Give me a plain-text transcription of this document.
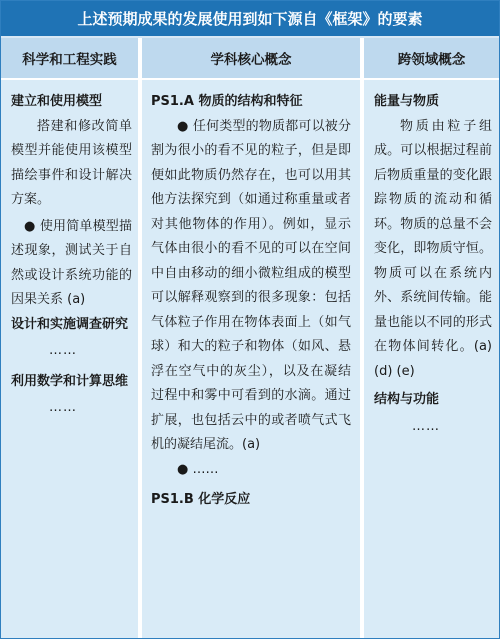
上述预期成果的发展使用到如下源自《框架》的要素
科学和工程实践

建立和使用模型

搭建和修改简单模型并能使用该模型描绘事件和设计解决方案。

● 使用简单模型描述现象，测试关于自然或设计系统功能的因果关系 (a)

设计和实施调查研究

……

利用数学和计算思维

……

学科核心概念

PS1.A 物质的结构和特征

● 任何类型的物质都可以被分割为很小的看不见的粒子，但是即便如此物质仍然存在，也可以用其他方法探究到（如通过称重量或者对其他物体的作用）。例如，显示气体由很小的看不见的可以在空间中自由移动的细小微粒组成的模型可以解释观察到的很多现象：包括气体粒子作用在物体表面上（如气球）和大的粒子和物体（如风、悬浮在空气中的灰尘），以及在凝结过程中和雾中可看到的水滴。通过扩展，也包括云中的或者喷气式飞机的凝结尾流。(a)

● ……

PS1.B 化学反应

跨领域概念

能量与物质

物质由粒子组成。可以根据过程前后物质重量的变化跟踪物质的流动和循环。物质的总量不会变化，即物质守恒。物质可以在系统内外、系统间传输。能量也能以不同的形式在物体间转化。(a) (d) (e)

结构与功能

……
